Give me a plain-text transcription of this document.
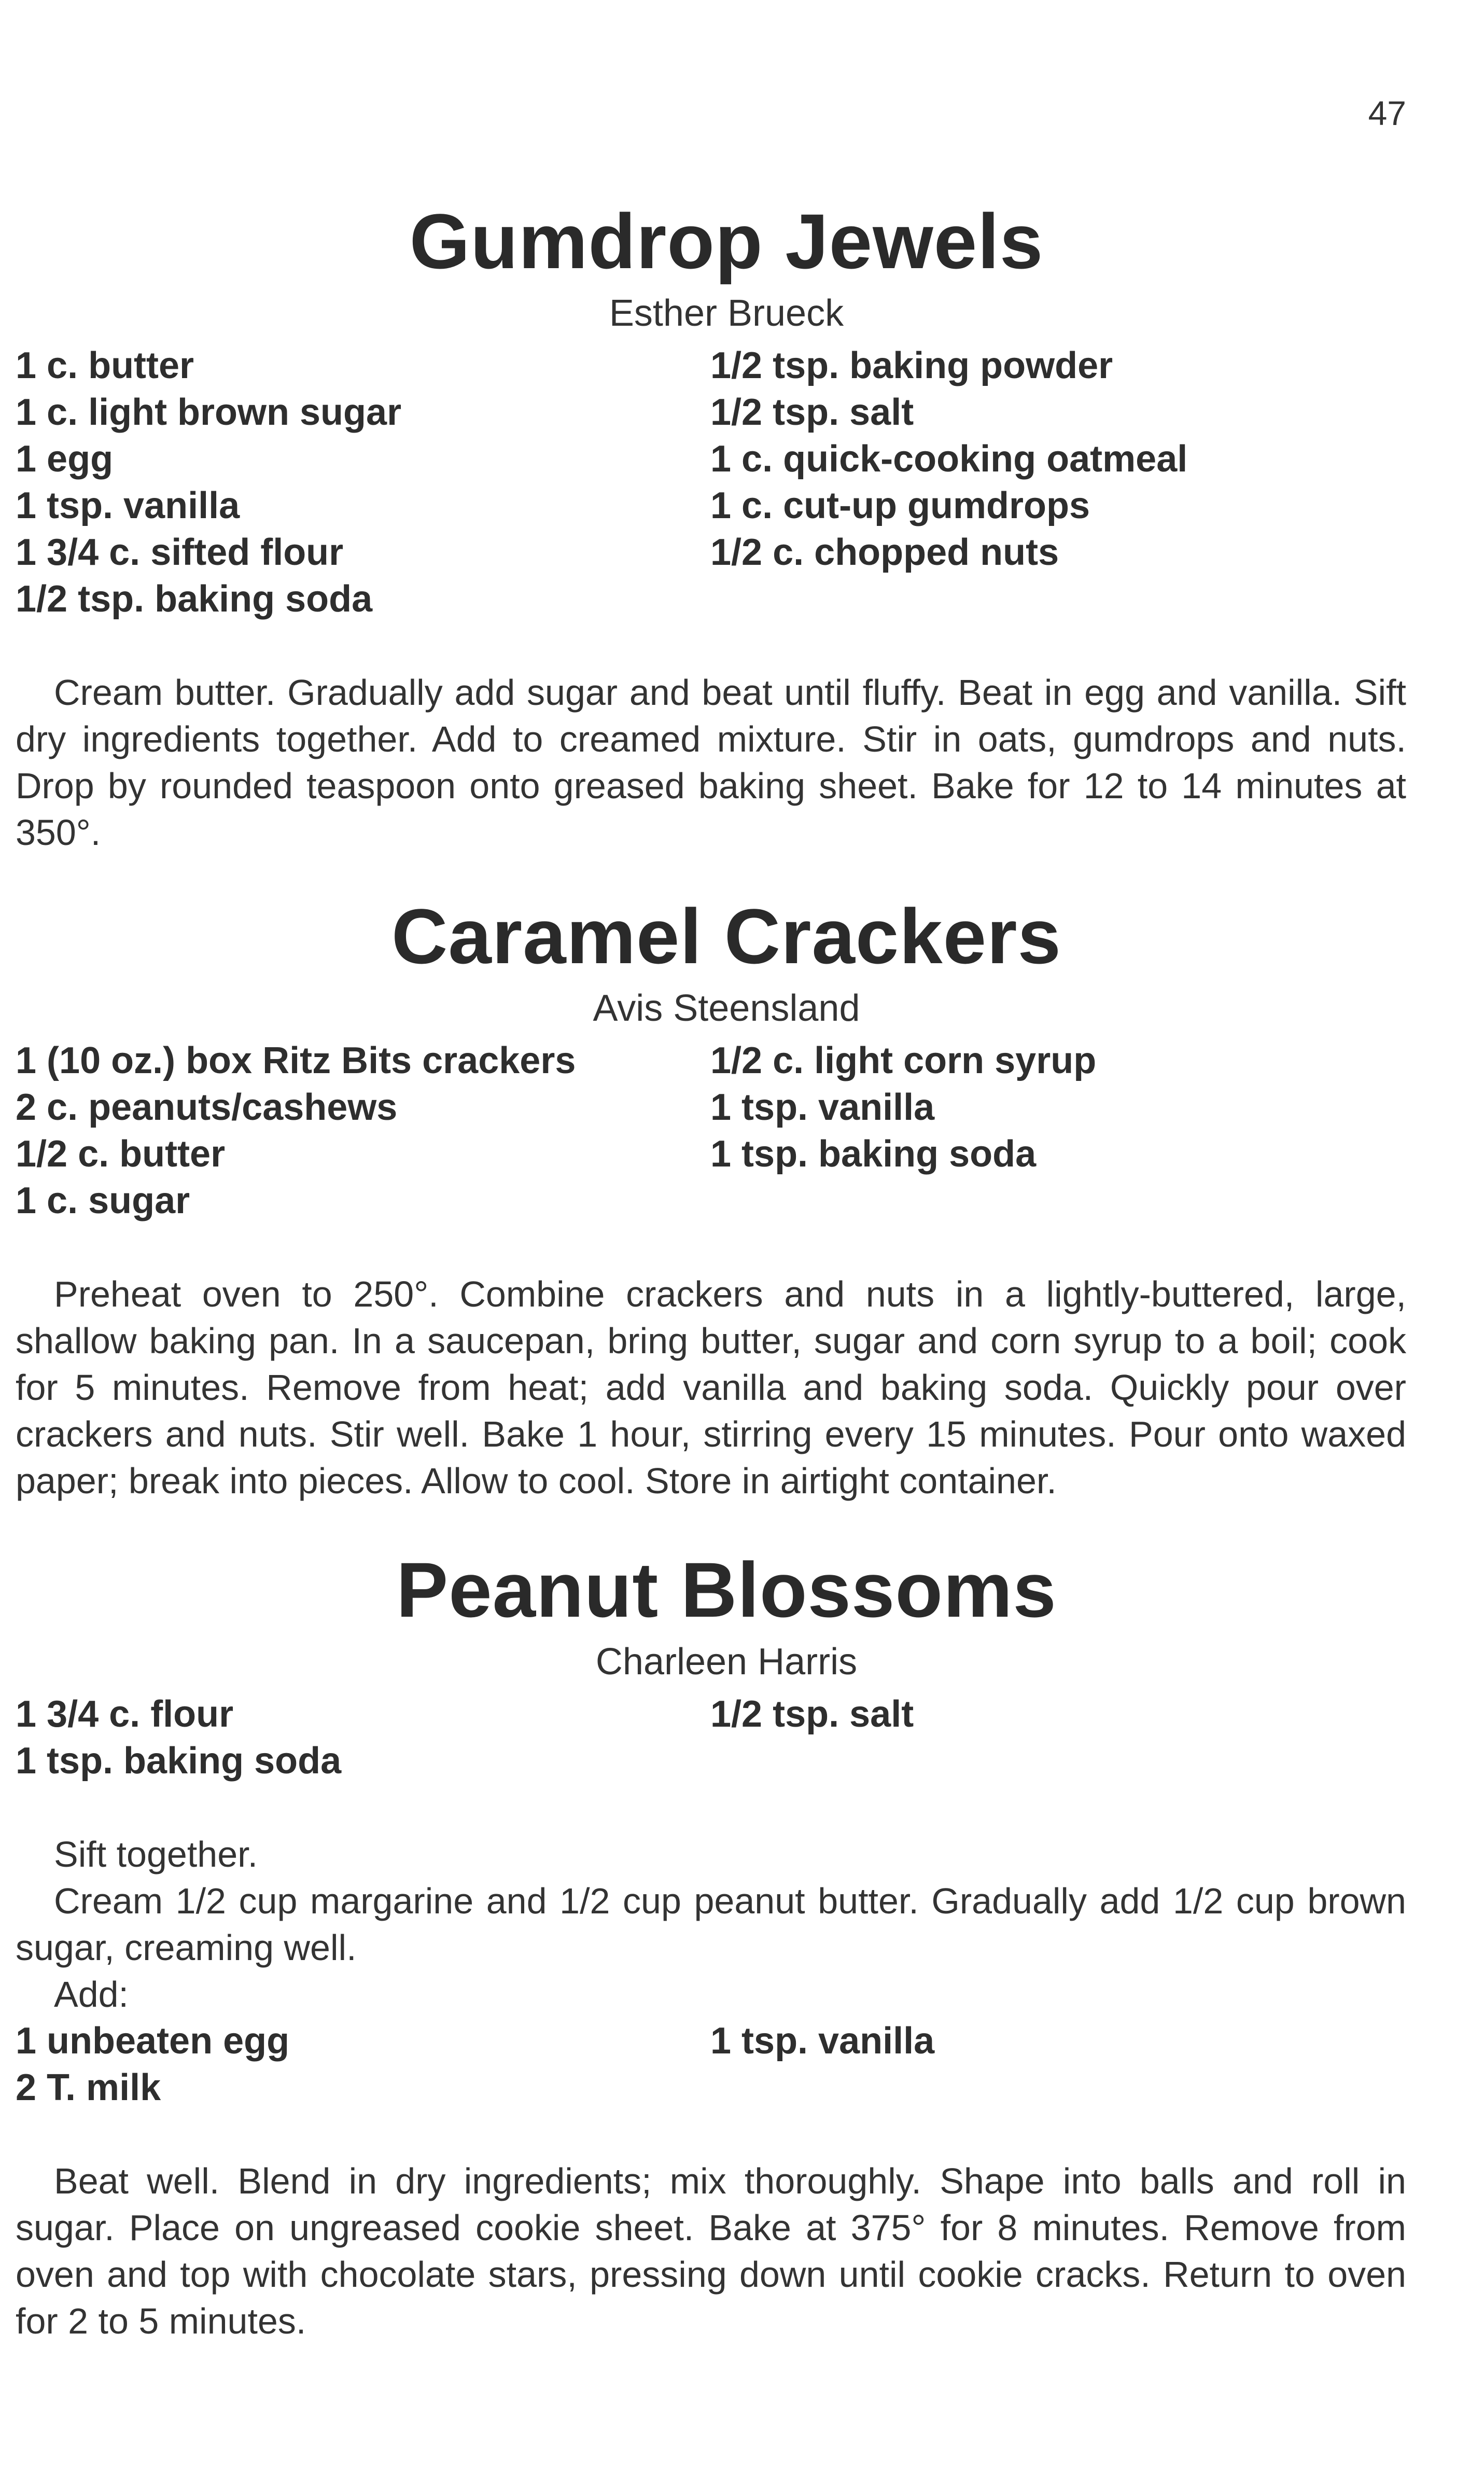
47
Gumdrop Jewels
Esther Brueck
1 c. butter
1 c. light brown sugar
1 egg
1 tsp. vanilla
1 3/4 c. sifted flour
1/2 tsp. baking soda
1/2 tsp. baking powder
1/2 tsp. salt
1 c. quick-cooking oatmeal
1 c. cut-up gumdrops
1/2 c. chopped nuts

Cream butter. Gradually add sugar and beat until fluffy. Beat in egg and vanilla. Sift dry ingredients together. Add to creamed mixture. Stir in oats, gumdrops and nuts. Drop by rounded teaspoon onto greased baking sheet. Bake for 12 to 14 minutes at 350°.

Caramel Crackers
Avis Steensland
1 (10 oz.) box Ritz Bits crackers
2 c. peanuts/cashews
1/2 c. butter
1 c. sugar
1/2 c. light corn syrup
1 tsp. vanilla
1 tsp. baking soda

Preheat oven to 250°. Combine crackers and nuts in a lightly-buttered, large, shallow baking pan. In a saucepan, bring butter, sugar and corn syrup to a boil; cook for 5 minutes. Remove from heat; add vanilla and baking soda. Quickly pour over crackers and nuts. Stir well. Bake 1 hour, stirring every 15 minutes. Pour onto waxed paper; break into pieces. Allow to cool. Store in airtight container.

Peanut Blossoms
Charleen Harris
1 3/4 c. flour
1 tsp. baking soda
1/2 tsp. salt

Sift together.

Cream 1/2 cup margarine and 1/2 cup peanut butter. Gradually add 1/2 cup brown sugar, creaming well.

Add:

1 unbeaten egg
2 T. milk
1 tsp. vanilla

Beat well. Blend in dry ingredients; mix thoroughly. Shape into balls and roll in sugar. Place on ungreased cookie sheet. Bake at 375° for 8 minutes. Remove from oven and top with chocolate stars, pressing down until cookie cracks. Return to oven for 2 to 5 minutes.
